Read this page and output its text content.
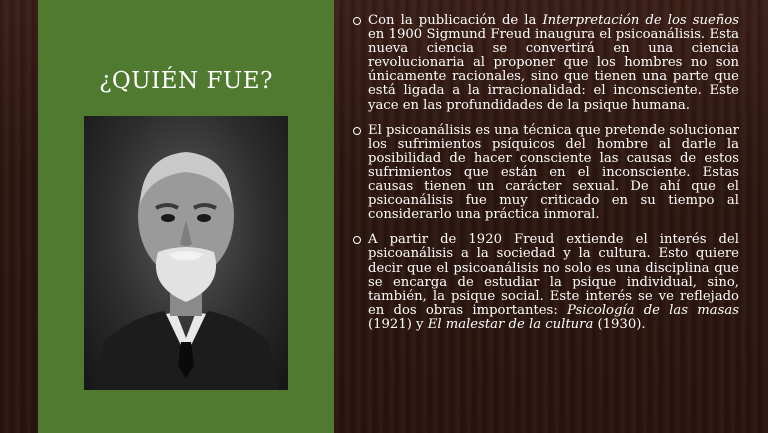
¿QUIÉN FUE?
Con la publicación de la Interpretación de los sueños en 1900 Sigmund Freud inaugura el psicoanálisis. Esta nueva ciencia se convertirá en una ciencia revolucionaria al proponer que los hombres no son únicamente racionales, sino que tienen una parte que está ligada a la irracionalidad: el inconsciente. Este yace en las profundidades de la psique humana.
El psicoanálisis es una técnica que pretende solucionar los sufrimientos psíquicos del hombre al darle la posibilidad de hacer consciente las causas de estos sufrimientos que están en el inconsciente. Estas causas tienen un carácter sexual. De ahí que el psicoanálisis fue muy criticado en su tiempo al considerarlo una práctica inmoral.
A partir de 1920 Freud extiende el interés del psicoanálisis a la sociedad y la cultura. Esto quiere decir que el psicoanálisis no solo es una disciplina que se encarga de estudiar la psique individual, sino, también, la psique social. Este interés se ve reflejado en dos obras importantes: Psicología de las masas (1921) y El malestar de la cultura (1930).
